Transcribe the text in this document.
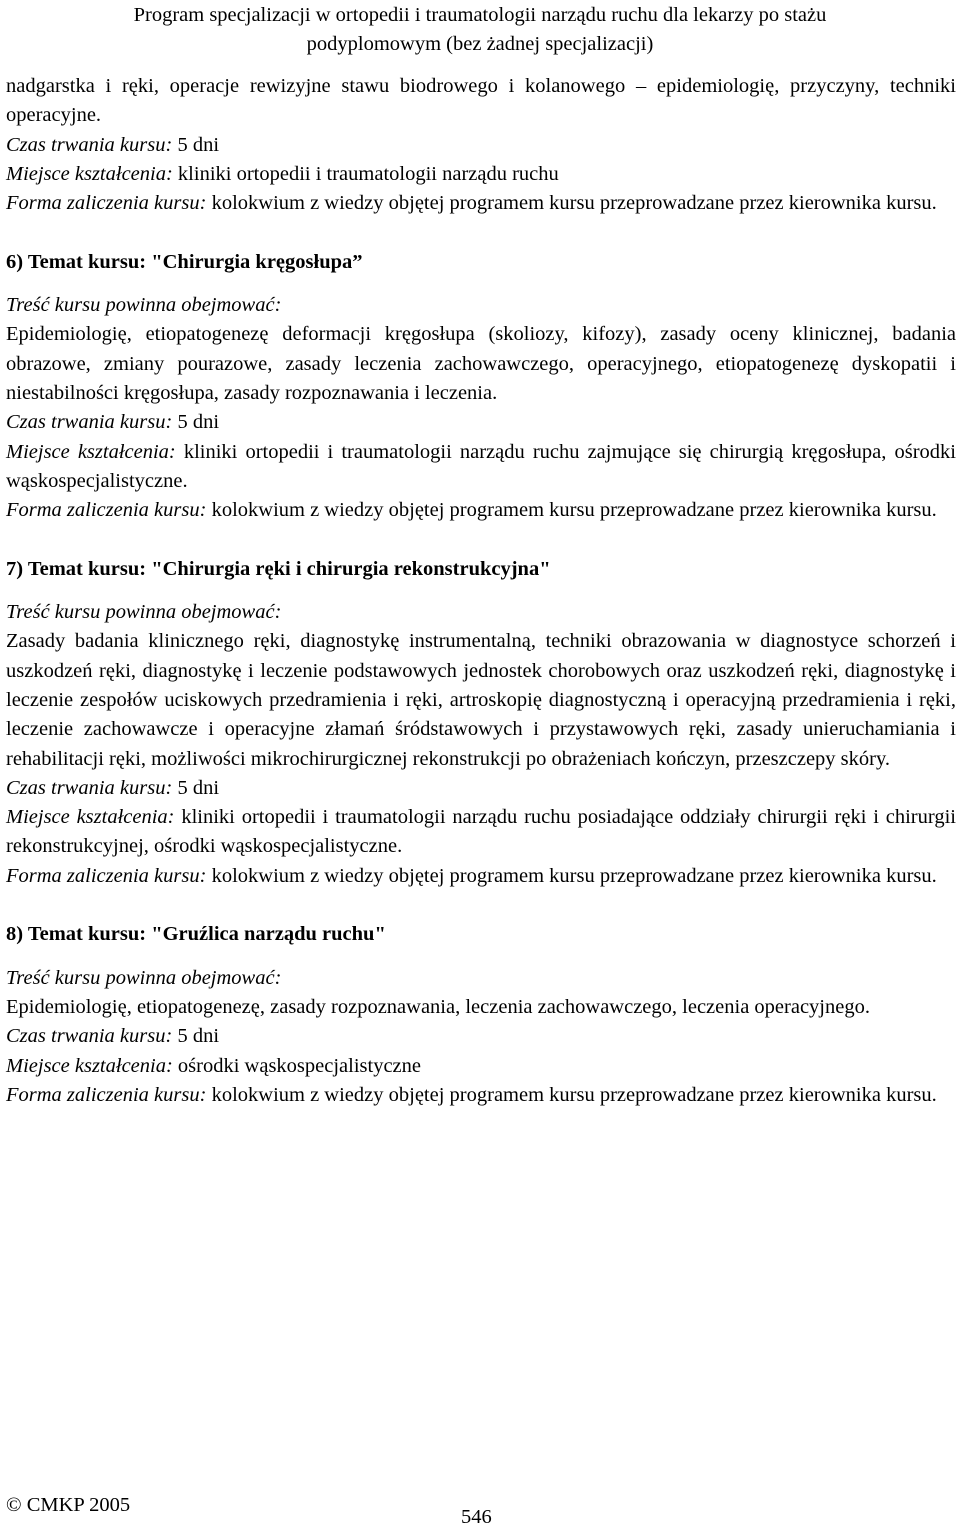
Program specjalizacji w ortopedii i traumatologii narządu ruchu dla lekarzy po stażu
podyplomowym (bez żadnej specjalizacji)

nadgarstka i ręki, operacje rewizyjne stawu biodrowego i kolanowego – epidemiologię, przyczyny, techniki operacyjne.

Czas trwania kursu: 5 dni

Miejsce kształcenia: kliniki ortopedii i traumatologii narządu ruchu

Forma zaliczenia kursu: kolokwium z wiedzy objętej programem kursu przeprowadzane przez kierownika kursu.

6) Temat kursu: "Chirurgia kręgosłupa”

Treść kursu powinna obejmować:

Epidemiologię, etiopatogenezę deformacji kręgosłupa (skoliozy, kifozy), zasady oceny klinicznej, badania obrazowe, zmiany pourazowe, zasady leczenia zachowawczego, operacyjnego, etiopatogenezę dyskopatii i niestabilności kręgosłupa, zasady rozpoznawania i leczenia.

Czas trwania kursu: 5 dni

Miejsce kształcenia: kliniki ortopedii i traumatologii narządu ruchu zajmujące się chirurgią kręgosłupa, ośrodki wąskospecjalistyczne.

Forma zaliczenia kursu: kolokwium z wiedzy objętej programem kursu przeprowadzane przez kierownika kursu.

7) Temat kursu: "Chirurgia ręki i chirurgia rekonstrukcyjna"

Treść kursu powinna obejmować:

Zasady badania klinicznego ręki, diagnostykę instrumentalną, techniki obrazowania w diagnostyce schorzeń i uszkodzeń ręki, diagnostykę i leczenie podstawowych jednostek chorobowych oraz uszkodzeń ręki, diagnostykę i leczenie zespołów uciskowych przedramienia i ręki, artroskopię diagnostyczną i operacyjną przedramienia i ręki, leczenie zachowawcze i operacyjne złamań śródstawowych i przystawowych ręki, zasady unieruchamiania i rehabilitacji ręki, możliwości mikrochirurgicznej rekonstrukcji po obrażeniach kończyn, przeszczepy skóry.

Czas trwania kursu: 5 dni

Miejsce kształcenia: kliniki ortopedii i traumatologii narządu ruchu posiadające oddziały chirurgii ręki i chirurgii rekonstrukcyjnej, ośrodki wąskospecjalistyczne.

Forma zaliczenia kursu: kolokwium z wiedzy objętej programem kursu przeprowadzane przez kierownika kursu.

8) Temat kursu: "Gruźlica narządu ruchu"

Treść kursu powinna obejmować:

Epidemiologię, etiopatogenezę, zasady rozpoznawania, leczenia zachowawczego, leczenia operacyjnego.

Czas trwania kursu: 5 dni

Miejsce kształcenia: ośrodki wąskospecjalistyczne

Forma zaliczenia kursu: kolokwium z wiedzy objętej programem kursu przeprowadzane przez kierownika kursu.

© CMKP 2005
546
